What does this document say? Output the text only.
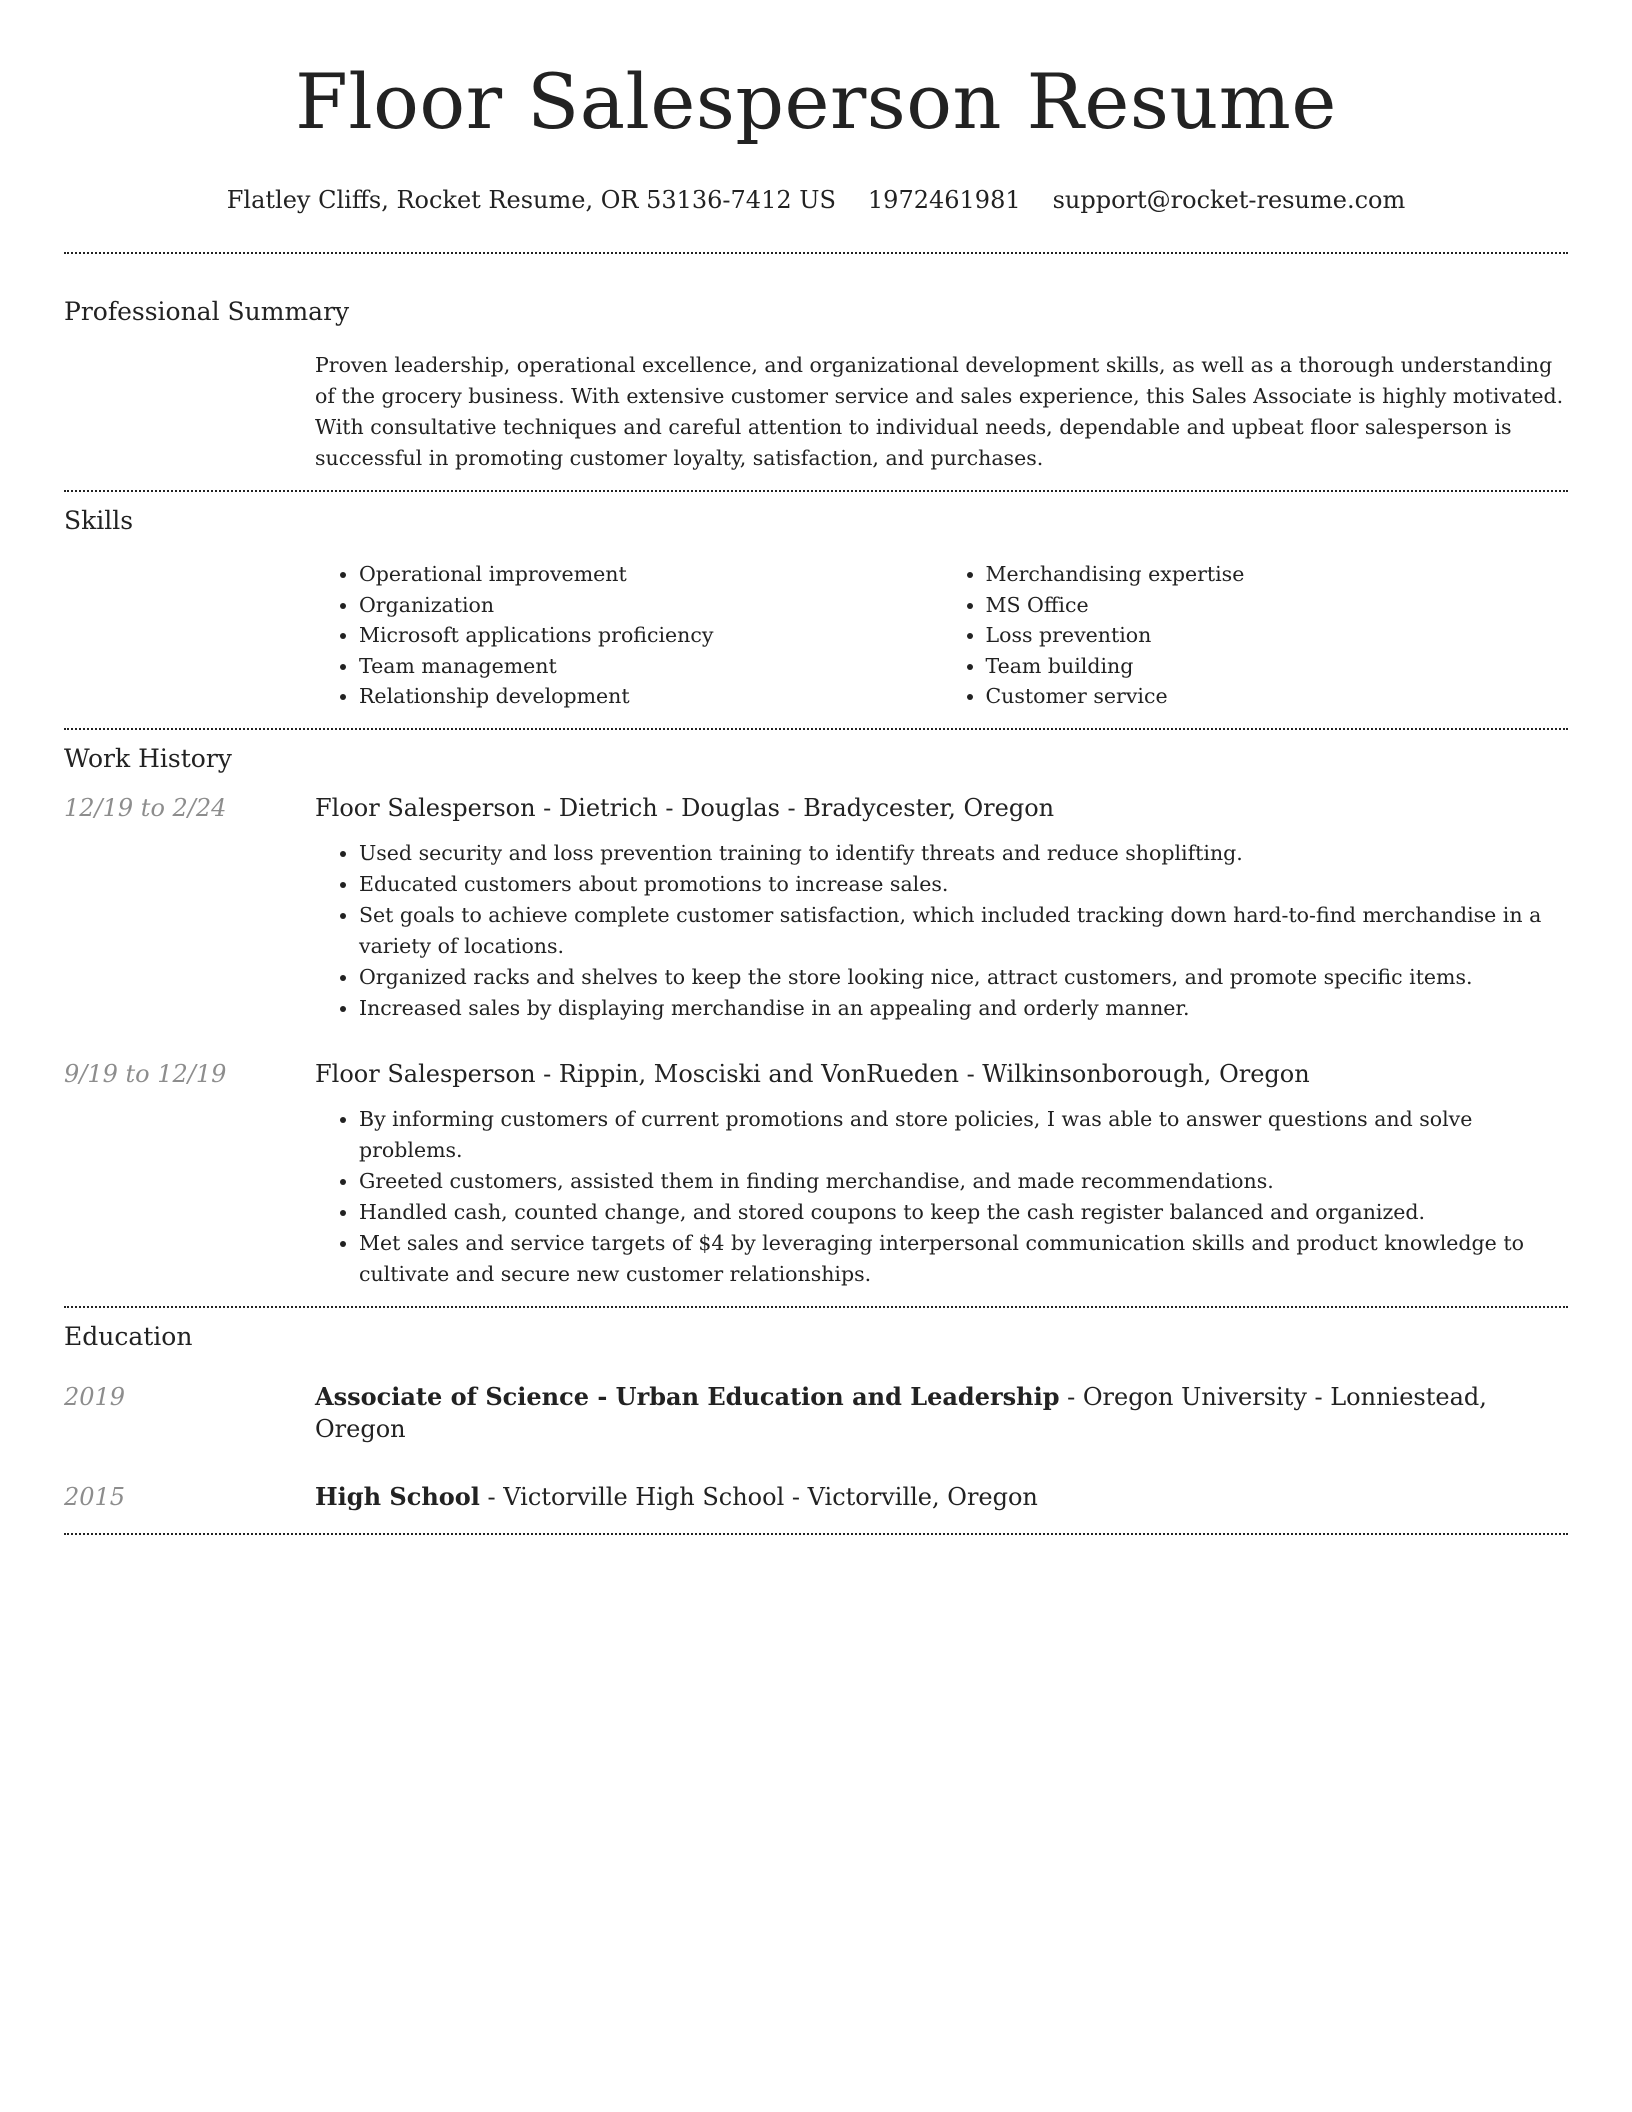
Floor Salesperson Resume
Flatley Cliffs, Rocket Resume, OR 53136-7412 US 1972461981 support@rocket-resume.com
Professional Summary

Proven leadership, operational excellence, and organizational development skills, as well as a thorough understanding of the grocery business. With extensive customer service and sales experience, this Sales Associate is highly motivated. With consultative techniques and careful attention to individual needs, dependable and upbeat floor salesperson is successful in promoting customer loyalty, satisfaction, and purchases.

Skills
• Operational improvement
• Organization
• Microsoft applications proficiency
• Team management
• Relationship development
• Merchandising expertise
• MS Office
• Loss prevention
• Team building
• Customer service
Work History
12/19 to 2/24	Floor Salesperson - Dietrich - Douglas - Bradycester, Oregon
• Used security and loss prevention training to identify threats and reduce shoplifting.
• Educated customers about promotions to increase sales.
• Set goals to achieve complete customer satisfaction, which included tracking down hard-to-find merchandise in a variety of locations.
• Organized racks and shelves to keep the store looking nice, attract customers, and promote specific items.
• Increased sales by displaying merchandise in an appealing and orderly manner.
9/19 to 12/19	Floor Salesperson - Rippin, Mosciski and VonRueden - Wilkinsonborough, Oregon
• By informing customers of current promotions and store policies, I was able to answer questions and solve problems.
• Greeted customers, assisted them in finding merchandise, and made recommendations.
• Handled cash, counted change, and stored coupons to keep the cash register balanced and organized.
• Met sales and service targets of $4 by leveraging interpersonal communication skills and product knowledge to cultivate and secure new customer relationships.
Education
2019	Associate of Science - Urban Education and Leadership - Oregon University - Lonniestead, Oregon
2015	High School - Victorville High School - Victorville, Oregon
